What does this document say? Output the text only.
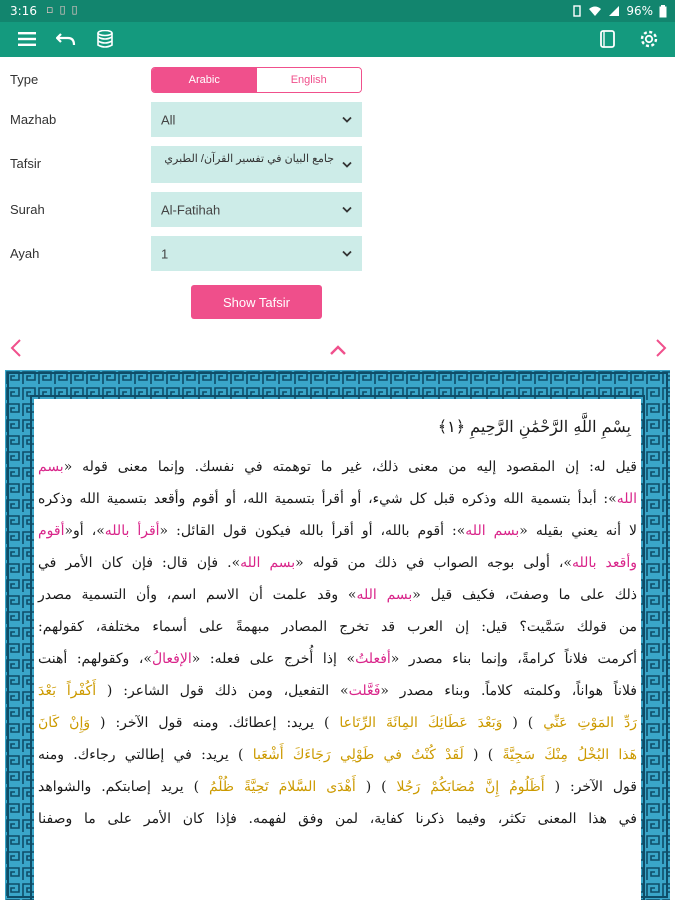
3:16 ▫▯▯	96%
Type	Arabic	English
Mazhab	All
Tafsir	جامع البيان في تفسير القرآن/ الطبري
Surah	Al-Fatihah
Ayah	1
Show Tafsir
بِسْمِ اللَّهِ الرَّحْمَٰنِ الرَّحِيمِ ﴿١﴾
قيل له: إن المقصود إليه من معنى ذلك، غير ما توهمته في نفسك. وإنما معنى قوله «بسم
الله»: أبدأ بتسمية الله وذكره قبل كل شيء، أو أقرأ بتسمية الله، أو أقوم وأقعد بتسمية الله وذكره
لا أنه يعني بقيله «بسم الله»: أقوم بالله، أو أقرأ بالله فيكون قول القائل: «أقرأ بالله»، أو«أقوم
وأقعد بالله»، أولى بوجه الصواب في ذلك من قوله «بسم الله». فإن قال: فإن كان الأمر في
ذلك على ما وصفتَ، فكيف قيل «بسم الله» وقد علمت أن الاسم اسم، وأن التسمية مصدر
من قولك سَمَّيت؟ قيل: إن العرب قد تخرج المصادر مبهمةً على أسماء مختلفة، كقولهم:
أكرمت فلاناً كرامةً، وإنما بناء مصدر «أفعلتُ» إذا أُخرج على فعله: «الإفعالُ»، وكقولهم: أهنت
فلاناً هواناً، وكلمته كلاماً. وبناء مصدر «فَعَّلت» التفعيل، ومن ذلك قول الشاعر: ( أَكُفْراً بَعْدَ
رَدِّ المَوْتِ عَنِّي ) ( وَبَعْدَ عَطَائِكَ المِائَةَ الرِّتَاعا ) يريد: إعطائك. ومنه قول الآخر: ( وَإِنْ كَانَ
هَذا البُخْلُ مِنْكَ سَجِيَّةً ) ( لَقَدْ كُنْتُ في طَوْلِي رَجَاءَكَ أَشْعَبا ) يريد: في إطالتي رجاءك. ومنه
قول الآخر: ( أَظَلُومُ إِنَّ مُصَابَكُمْ رَجُلا ) ( أَهْدَى السَّلامَ تَحِيَّةً ظُلْمُ ) يريد إصابتكم. والشواهد
في هذا المعنى تكثر، وفيما ذكرنا كفاية، لمن وفق لفهمه. فإذا كان الأمر على ما وصفنا
